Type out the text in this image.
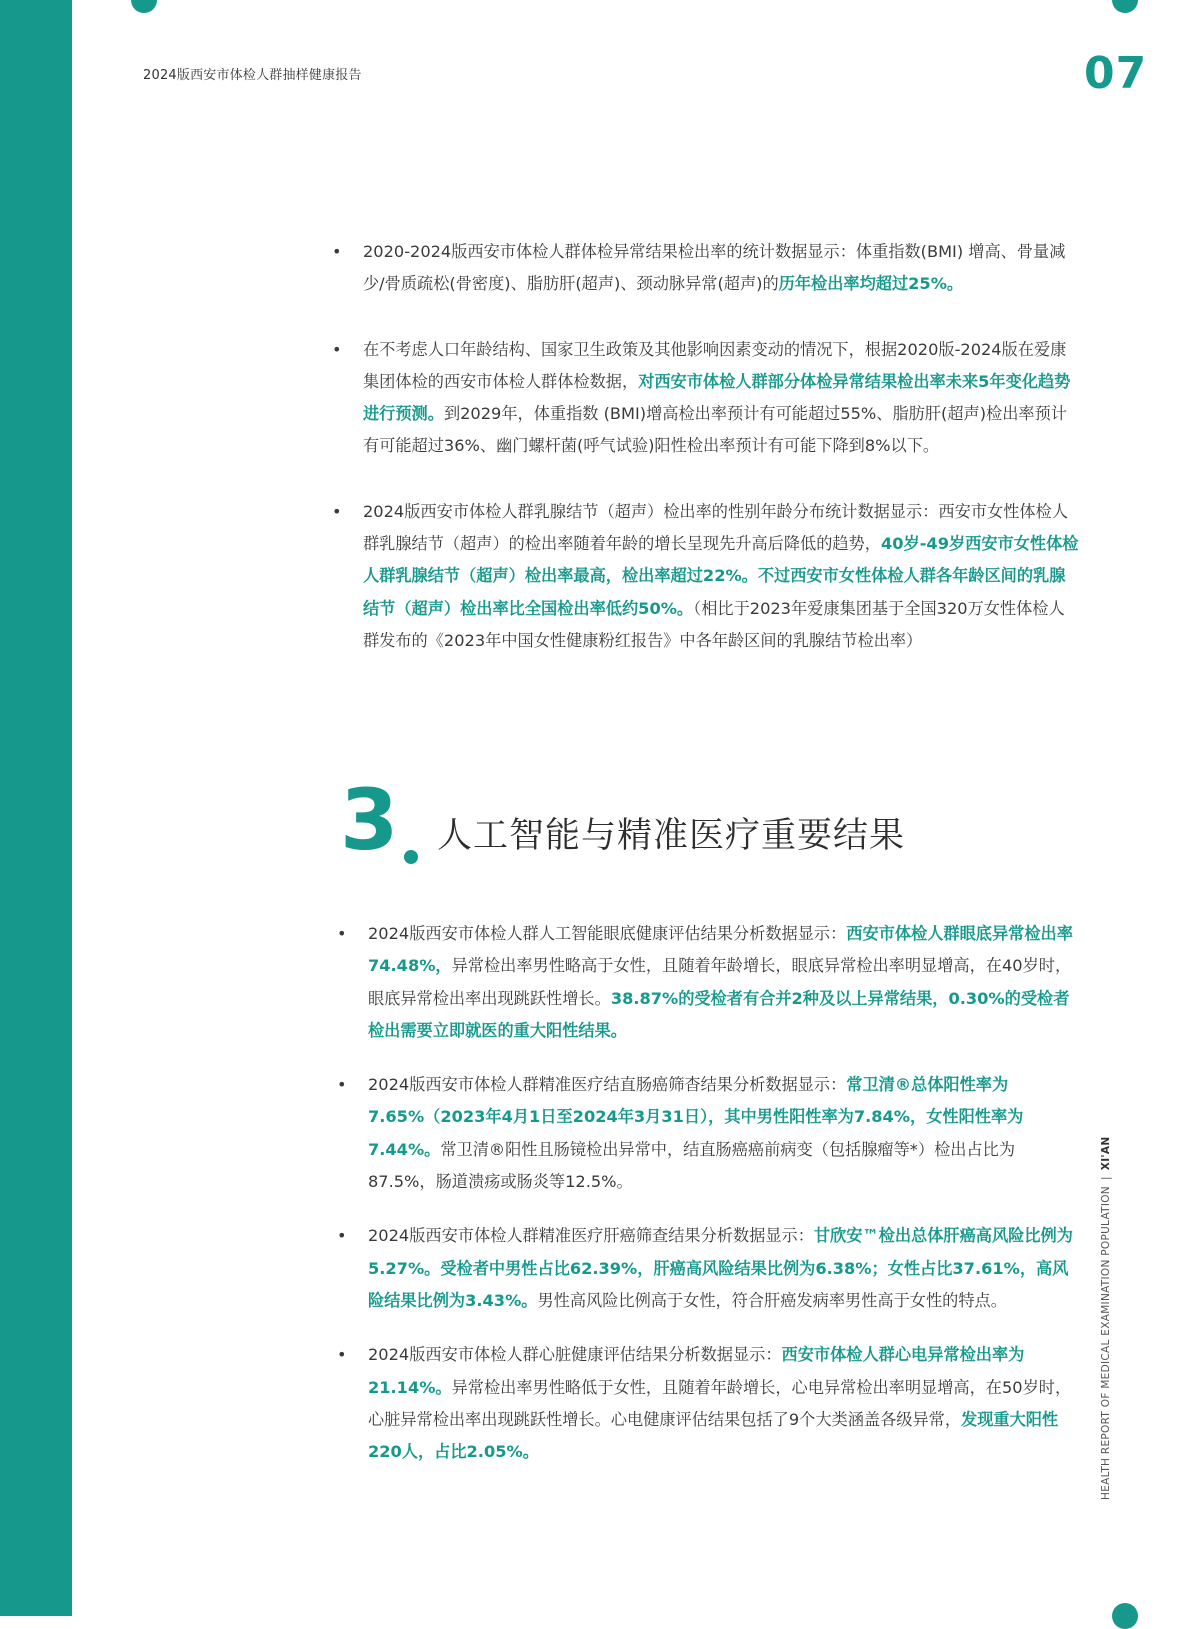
2024版西安市体检人群抽样健康报告	07
• 2020-2024版西安市体检人群体检异常结果检出率的统计数据显示：体重指数(BMI) 增高、骨量减少/骨质疏松(骨密度)、脂肪肝(超声)、颈动脉异常(超声)的历年检出率均超过25%。
• 在不考虑人口年龄结构、国家卫生政策及其他影响因素变动的情况下，根据2020版-2024版在爱康集团体检的西安市体检人群体检数据，对西安市体检人群部分体检异常结果检出率未来5年变化趋势进行预测。到2029年，体重指数 (BMI)增高检出率预计有可能超过55%、脂肪肝(超声)检出率预计有可能超过36%、幽门螺杆菌(呼气试验)阳性检出率预计有可能下降到8%以下。
• 2024版西安市体检人群乳腺结节（超声）检出率的性别年龄分布统计数据显示：西安市女性体检人群乳腺结节（超声）的检出率随着年龄的增长呈现先升高后降低的趋势，40岁-49岁西安市女性体检人群乳腺结节（超声）检出率最高，检出率超过22%。不过西安市女性体检人群各年龄区间的乳腺结节（超声）检出率比全国检出率低约50%。（相比于2023年爱康集团基于全国320万女性体检人群发布的《2023年中国女性健康粉红报告》中各年龄区间的乳腺结节检出率）
3 人工智能与精准医疗重要结果
• 2024版西安市体检人群人工智能眼底健康评估结果分析数据显示：西安市体检人群眼底异常检出率74.48%，异常检出率男性略高于女性，且随着年龄增长，眼底异常检出率明显增高，在40岁时，眼底异常检出率出现跳跃性增长。38.87%的受检者有合并2种及以上异常结果，0.30%的受检者检出需要立即就医的重大阳性结果。
• 2024版西安市体检人群精准医疗结直肠癌筛杳结果分析数据显示：常卫清®总体阳性率为7.65%（2023年4月1日至2024年3月31日），其中男性阳性率为7.84%，女性阳性率为7.44%。常卫清®阳性且肠镜检出异常中，结直肠癌癌前病变（包括腺瘤等*）检出占比为87.5%，肠道溃疡或肠炎等12.5%。
• 2024版西安市体检人群精准医疗肝癌筛查结果分析数据显示：甘欣安™检出总体肝癌高风险比例为5.27%。受检者中男性占比62.39%，肝癌高风险结果比例为6.38%；女性占比37.61%，高风险结果比例为3.43%。男性高风险比例高于女性，符合肝癌发病率男性高于女性的特点。
• 2024版西安市体检人群心脏健康评估结果分析数据显示：西安市体检人群心电异常检出率为21.14%。异常检出率男性略低于女性，且随着年龄增长，心电异常检出率明显增高，在50岁时，心脏异常检出率出现跳跃性增长。心电健康评估结果包括了9个大类涵盖各级异常，发现重大阳性220人，占比2.05%。	HEALTH REPORT OF MEDICAL EXAMINATION POPULATION|XI'AN
